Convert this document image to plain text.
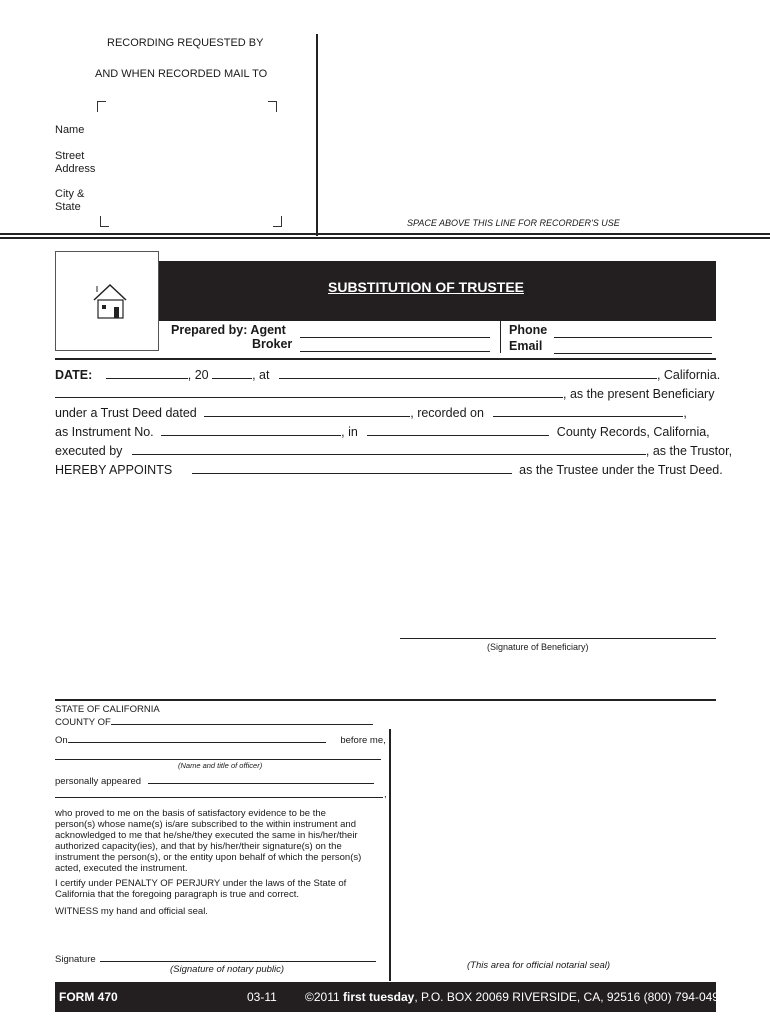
RECORDING REQUESTED BY
AND WHEN RECORDED MAIL TO
Name
Street
Address
City &
State
SPACE ABOVE THIS LINE FOR RECORDER'S USE
SUBSTITUTION OF TRUSTEE
Prepared by: Agent
Broker
Phone
Email
DATE:	, 20	, at	, California.
, as the present Beneficiary
under a Trust Deed dated	, recorded on	,
as Instrument No.	, in	County Records, California,
executed by	, as the Trustor,
HEREBY APPOINTS	as the Trustee under the Trust Deed.
(Signature of Beneficiary)
STATE OF CALIFORNIA
COUNTY OF
On	before me,
(Name and title of officer)
personally appeared
,
who proved to me on the basis of satisfactory evidence to be the
person(s) whose name(s) is/are subscribed to the within instrument and
acknowledged to me that he/she/they executed the same in his/her/their
authorized capacity(ies), and that by his/her/their signature(s) on the
instrument the person(s), or the entity upon behalf of which the person(s)
acted, executed the instrument.
I certify under PENALTY OF PERJURY under the laws of the State of
California that the foregoing paragraph is true and correct.
WITNESS my hand and official seal.
Signature
(Signature of notary public)	(This area for official notarial seal)
FORM 470	03-11 ©2011 first tuesday, P.O. BOX 20069 RIVERSIDE, CA, 92516 (800) 794-0494
